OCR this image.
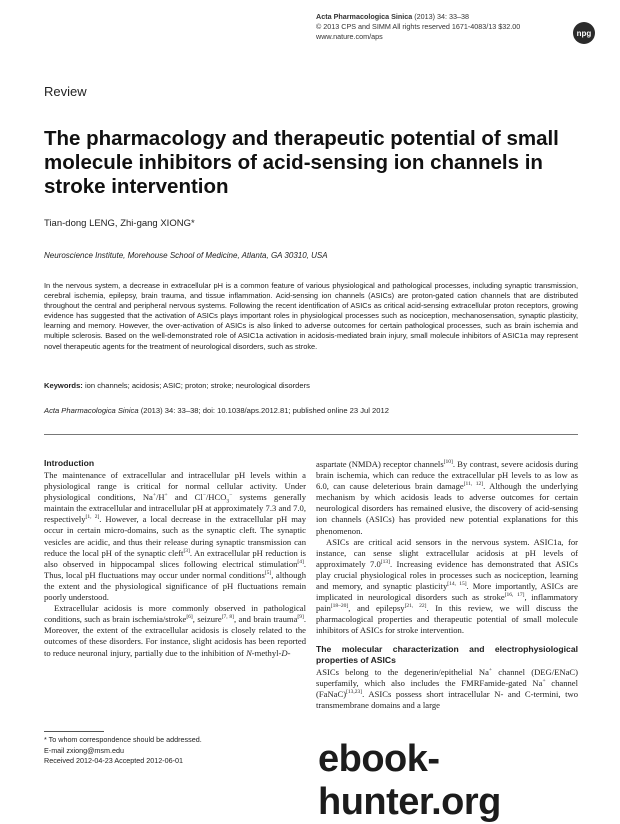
Acta Pharmacologica Sinica (2013) 34: 33–38
© 2013 CPS and SIMM All rights reserved 1671-4083/13 $32.00
www.nature.com/aps	npg
Review
The pharmacology and therapeutic potential of small molecule inhibitors of acid-sensing ion channels in stroke intervention
Tian-dong LENG, Zhi-gang XIONG*
Neuroscience Institute, Morehouse School of Medicine, Atlanta, GA 30310, USA

In the nervous system, a decrease in extracellular pH is a common feature of various physiological and pathological processes, including synaptic transmission, cerebral ischemia, epilepsy, brain trauma, and tissue inflammation. Acid-sensing ion channels (ASICs) are proton-gated cation channels that are distributed throughout the central and peripheral nervous systems. Following the recent identification of ASICs as critical acid-sensing extracellular proton receptors, growing evidence has suggested that the activation of ASICs plays important roles in physiological processes such as nociception, mechanosensation, synaptic plasticity, learning and memory. However, the over-activation of ASICs is also linked to adverse outcomes for certain pathological processes, such as brain ischemia and multiple sclerosis. Based on the well-demonstrated role of ASIC1a activation in acidosis-mediated brain injury, small molecule inhibitors of ASIC1a may represent novel therapeutic agents for the treatment of neurological disorders, such as stroke.

Keywords: ion channels; acidosis; ASIC; proton; stroke; neurological disorders
Acta Pharmacologica Sinica (2013) 34: 33–38; doi: 10.1038/aps.2012.81; published online 23 Jul 2012
Introduction

The maintenance of extracellular and intracellular pH levels within a physiological range is critical for normal cellular activity. Under physiological conditions, Na+/H+ and $Cl^-/HCO_3^-$ systems generally maintain the extracellular and intracellular pH at approximately 7.3 and 7.0, respectively[1, 2]. However, a local decrease in the extracellular pH may occur in certain micro-domains, such as the synaptic cleft. The synaptic vesicles are acidic, and thus their release during synaptic transmission can reduce the local pH of the synaptic cleft[3]. An extracellular pH reduction is also observed in hippocampal slices following electrical stimulation[4]. Thus, local pH fluctuations may occur under normal conditions[5], although the extent and the physiological significance of pH fluctuations remain poorly understood.

Extracellular acidosis is more commonly observed in pathological conditions, such as brain ischemia/stroke[6], seizure[7, 8], and brain trauma[9]. Moreover, the extent of the extracellular acidosis is closely related to the outcomes of these disorders. For instance, slight acidosis has been reported to reduce neuronal injury, partially due to the inhibition of N-methyl-D-

aspartate (NMDA) receptor channels[10]. By contrast, severe acidosis during brain ischemia, which can reduce the extracellular pH levels to as low as 6.0, can cause deleterious brain damage[11, 12]. Although the underlying mechanism by which acidosis leads to adverse outcomes for certain neurological disorders has remained elusive, the discovery of acid-sensing ion channels (ASICs) has provided new potential explanations for this phenomenon.

ASICs are critical acid sensors in the nervous system. ASIC1a, for instance, can sense slight extracellular acidosis at pH levels of approximately 7.0[13]. Increasing evidence has demonstrated that ASICs play crucial physiological roles in processes such as nociception, learning and memory, and synaptic plasticity[14, 15]. More importantly, ASICs are implicated in neurological disorders such as stroke[16, 17], inflammatory pain[18–20], and epilepsy[21, 22]. In this review, we will discuss the pharmacological properties and therapeutic potential of small molecule inhibitors of ASICs for stroke intervention.

The molecular characterization and electrophysiological properties of ASICs

ASICs belong to the degenerin/epithelial Na+ channel (DEG/ENaC) superfamily, which also includes the FMRFamide-gated Na+ channel (FaNaC)[13,23]. ASICs possess short intracellular N- and C-termini, two transmembrane domains and a large

* To whom correspondence should be addressed.
E-mail zxiong@msm.edu
Received 2012-04-23 Accepted 2012-06-01	ebook-hunter.org
